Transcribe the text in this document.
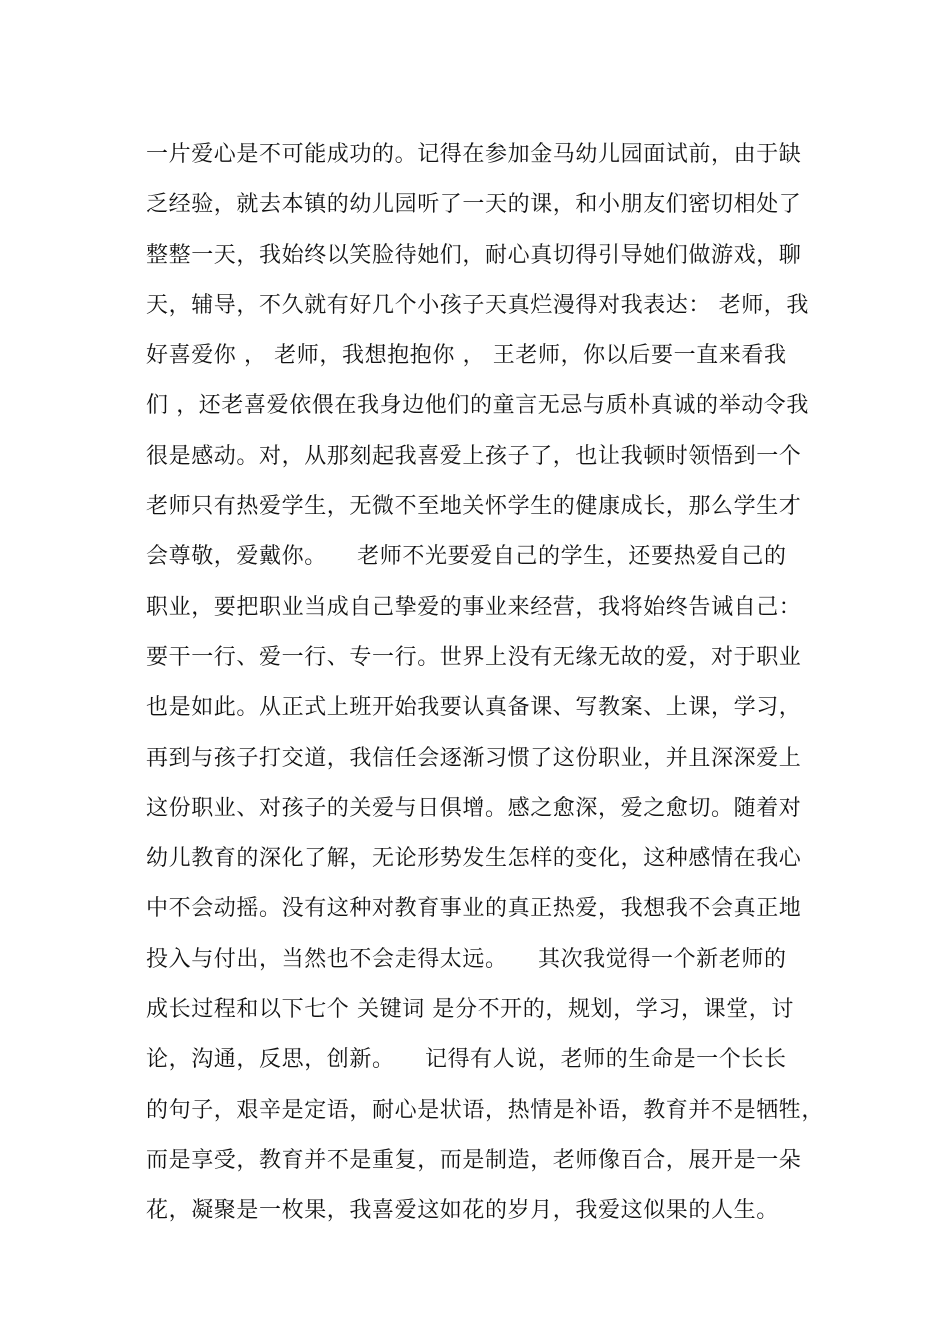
一片爱心是不可能成功的。记得在参加金马幼儿园面试前，由于缺
乏经验，就去本镇的幼儿园听了一天的课，和小朋友们密切相处了
整整一天，我始终以笑脸待她们，耐心真切得引导她们做游戏，聊
天，辅导，不久就有好几个小孩子天真烂漫得对我表达： 老师，我
好喜爱你 ， 老师，我想抱抱你 ， 王老师，你以后要一直来看我
们 ，还老喜爱依偎在我身边他们的童言无忌与质朴真诚的举动令我
很是感动。对，从那刻起我喜爱上孩子了，也让我顿时领悟到一个
老师只有热爱学生，无微不至地关怀学生的健康成长，那么学生才
会尊敬，爱戴你。    老师不光要爱自己的学生，还要热爱自己的
职业，要把职业当成自己挚爱的事业来经营，我将始终告诫自己：
要干一行、爱一行、专一行。世界上没有无缘无故的爱，对于职业
也是如此。从正式上班开始我要认真备课、写教案、上课，学习，
再到与孩子打交道，我信任会逐渐习惯了这份职业，并且深深爱上
这份职业、对孩子的关爱与日俱增。感之愈深，爱之愈切。随着对
幼儿教育的深化了解，无论形势发生怎样的变化，这种感情在我心
中不会动摇。没有这种对教育事业的真正热爱，我想我不会真正地
投入与付出，当然也不会走得太远。    其次我觉得一个新老师的
成长过程和以下七个 关键词 是分不开的，规划，学习，课堂，讨
论，沟通，反思，创新。    记得有人说，老师的生命是一个长长
的句子，艰辛是定语，耐心是状语，热情是补语，教育并不是牺牲，
而是享受，教育并不是重复，而是制造，老师像百合，展开是一朵
花，凝聚是一枚果，我喜爱这如花的岁月，我爱这似果的人生。
